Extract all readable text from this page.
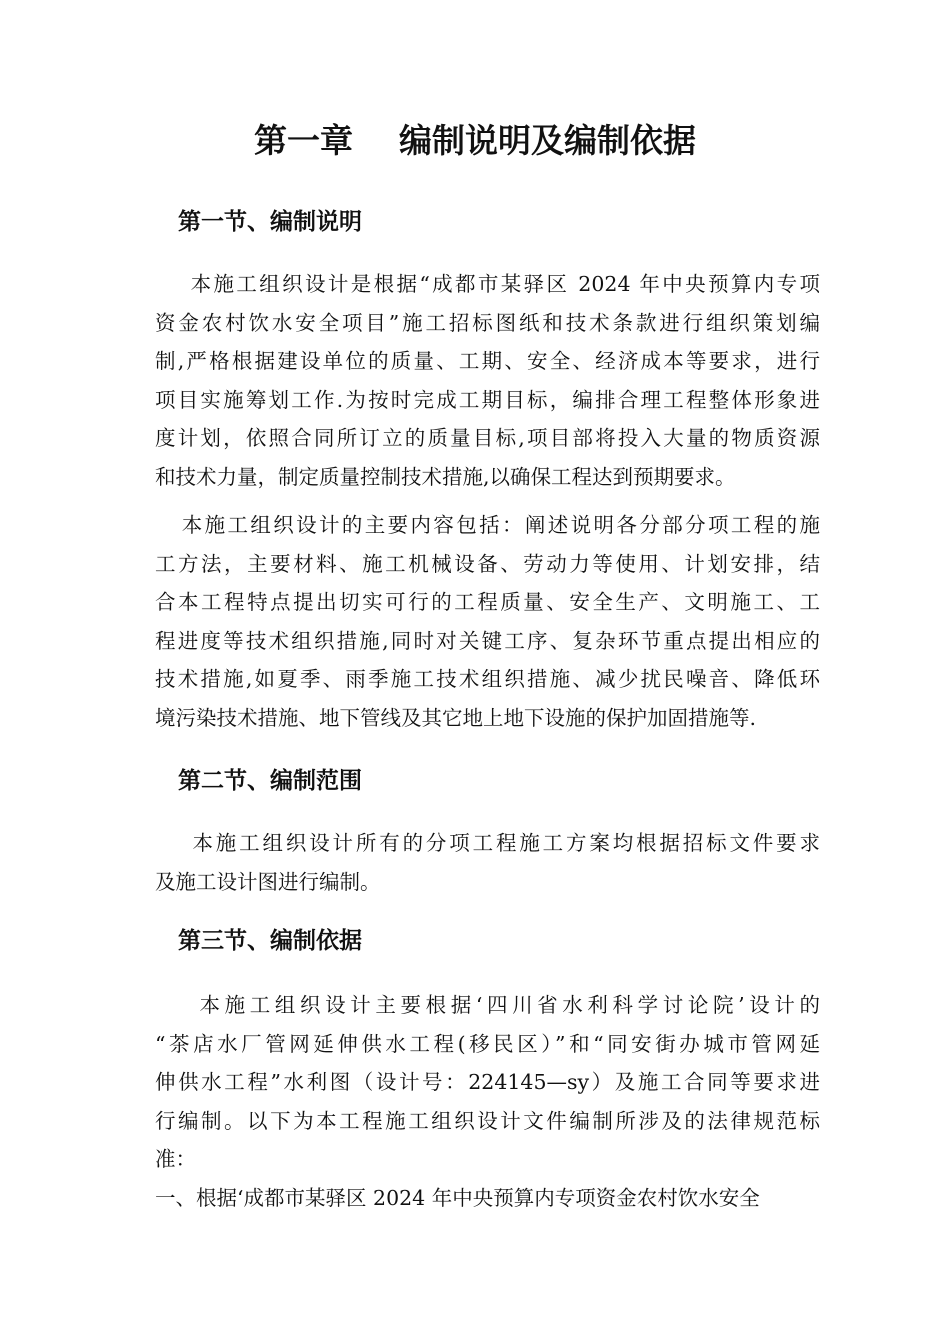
第一章    编制说明及编制依据
第一节、编制说明
本施工组织设计是根据“成都市某驿区 2024 年中央预算内专项
资金农村饮水安全项目”施工招标图纸和技术条款进行组织策划编
制,严格根据建设单位的质量、工期、安全、经济成本等要求，进行
项目实施筹划工作.为按时完成工期目标，编排合理工程整体形象进
度计划，依照合同所订立的质量目标,项目部将投入大量的物质资源
和技术力量，制定质量控制技术措施,以确保工程达到预期要求。
本施工组织设计的主要内容包括：阐述说明各分部分项工程的施
工方法，主要材料、施工机械设备、劳动力等使用、计划安排，结
合本工程特点提出切实可行的工程质量、安全生产、文明施工、工
程进度等技术组织措施,同时对关键工序、复杂环节重点提出相应的
技术措施,如夏季、雨季施工技术组织措施、减少扰民噪音、降低环
境污染技术措施、地下管线及其它地上地下设施的保护加固措施等.
第二节、编制范围
本施工组织设计所有的分项工程施工方案均根据招标文件要求
及施工设计图进行编制。
第三节、编制依据
本施工组织设计主要根据‘四川省水利科学讨论院’设计的
“茶店水厂管网延伸供水工程(移民区）”和“同安街办城市管网延
伸供水工程”水利图（设计号：224145—sy）及施工合同等要求进
行编制。以下为本工程施工组织设计文件编制所涉及的法律规范标
准：
一、根据‘成都市某驿区 2024 年中央预算内专项资金农村饮水安全
